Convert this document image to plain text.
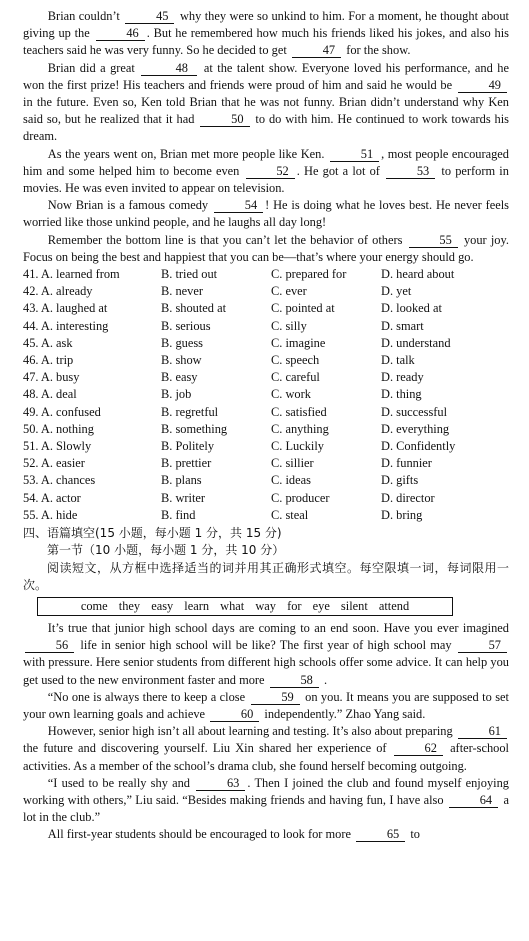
Brian couldn’t	45 why they were so unkind to him. For a moment, he thought about giving up the	46 . But he remembered how much his friends liked his jokes, and also his teachers said he was very funny. So he decided to get	47 for the show.

Brian did a great	48 at the talent show. Everyone loved his performance, and he won the first prize! His teachers and friends were proud of him and said he would be	49 in the future. Even so, Ken told Brian that he was not funny. Brian didn’t understand why Ken said so, but he realized that it had	50 to do with him. He continued to work towards his dream.

As the years went on, Brian met more people like Ken.	51 , most people encouraged him and some helped him to become even	52 . He got a lot of	53 to perform in movies. He was even invited to appear on television.

Now Brian is a famous comedy	54 ! He is doing what he loves best. He never feels worried like those unkind people, and he laughs all day long!

Remember the bottom line is that you can’t let the behavior of others	55 your joy. Focus on being the best and happiest that you can be—that’s where your energy should go.

41. A. learned from	B. tried out	C. prepared for	D. heard about
42. A. already	B. never	C. ever	D. yet
43. A. laughed at	B. shouted at	C. pointed at	D. looked at
44. A. interesting	B. serious	C. silly	D. smart
45. A. ask	B. guess	C. imagine	D. understand
46. A. trip	B. show	C. speech	D. talk
47. A. busy	B. easy	C. careful	D. ready
48. A. deal	B. job	C. work	D. thing
49. A. confused	B. regretful	C. satisfied	D. successful
50. A. nothing	B. something	C. anything	D. everything
51. A. Slowly	B. Politely	C. Luckily	D. Confidently
52. A. easier	B. prettier	C. sillier	D. funnier
53. A. chances	B. plans	C. ideas	D. gifts
54. A. actor	B. writer	C. producer	D. director
55. A. hide	B. find	C. steal	D. bring

四、语篇填空(15 小题，每小题 1 分，共 15 分)

第一节（10 小题，每小题 1 分，共 10 分）

阅读短文，从方框中选择适当的词并用其正确形式填空。每空限填一词，每词限用一次。

come they easy learn what way for eye silent attend

It’s true that junior high school days are coming to an end soon. Have you ever imagined 56 life in senior high school will be like? The first year of high school may	57 with pressure. Here senior students from different high schools offer some advice. It can help you get used to the new environment faster and more	58 .

“No one is always there to keep a close	59 on you. It means you are supposed to set your own learning goals and achieve	60 independently.” Zhao Yang said.

However, senior high isn’t all about learning and testing. It’s also about preparing	61 the future and discovering yourself. Liu Xin shared her experience of	62 after-school activities. As a member of the school’s drama club, she found herself becoming outgoing.

“I used to be really shy and	63 . Then I joined the club and found myself enjoying working with others,” Liu said. “Besides making friends and having fun, I have also	64 a lot in the club.”

All first-year students should be encouraged to look for more	65 to
